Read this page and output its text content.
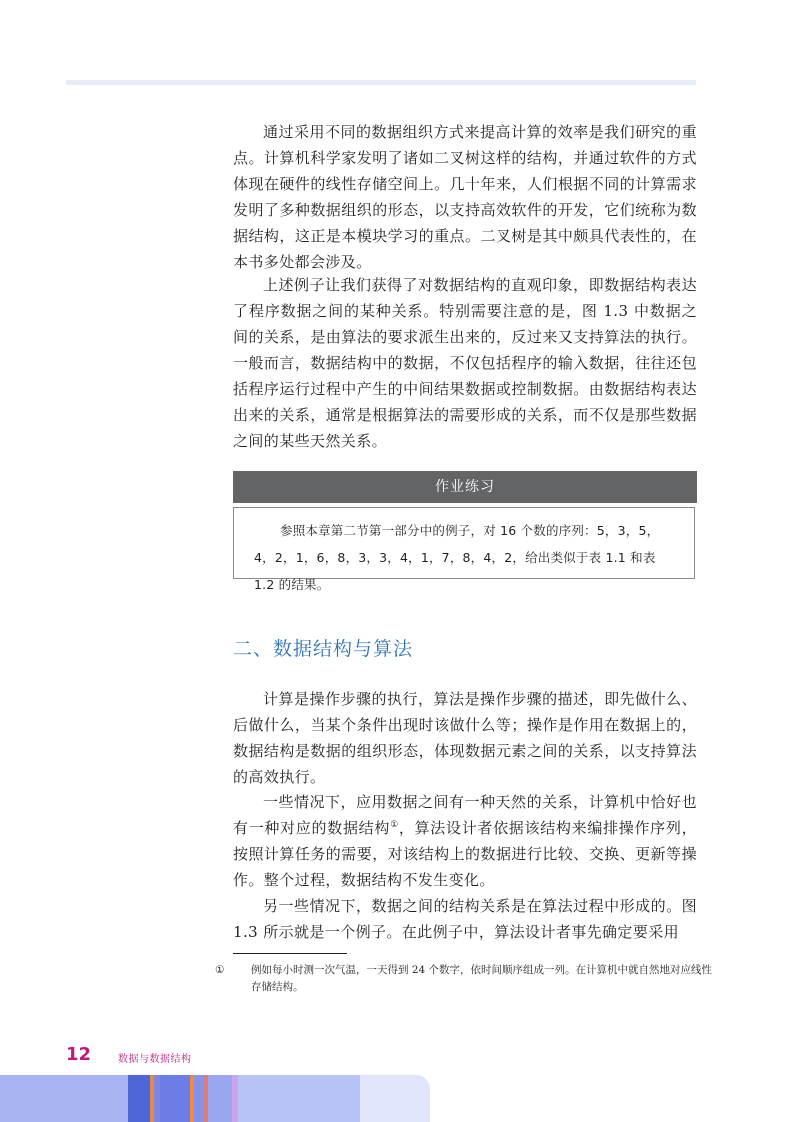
通过采用不同的数据组织方式来提高计算的效率是我们研究的重点。计算机科学家发明了诸如二叉树这样的结构，并通过软件的方式体现在硬件的线性存储空间上。几十年来，人们根据不同的计算需求发明了多种数据组织的形态，以支持高效软件的开发，它们统称为数据结构，这正是本模块学习的重点。二叉树是其中颇具代表性的，在本书多处都会涉及。

上述例子让我们获得了对数据结构的直观印象，即数据结构表达了程序数据之间的某种关系。特别需要注意的是，图 1.3 中数据之间的关系，是由算法的要求派生出来的，反过来又支持算法的执行。一般而言，数据结构中的数据，不仅包括程序的输入数据，往往还包括程序运行过程中产生的中间结果数据或控制数据。由数据结构表达出来的关系，通常是根据算法的需要形成的关系，而不仅是那些数据之间的某些天然关系。

作业练习

参照本章第二节第一部分中的例子，对 16 个数的序列：5，3，5，4，2，1，6，8，3，3，4，1，7，8，4，2，给出类似于表 1.1 和表 1.2 的结果。

二、数据结构与算法

计算是操作步骤的执行，算法是操作步骤的描述，即先做什么、后做什么，当某个条件出现时该做什么等；操作是作用在数据上的，数据结构是数据的组织形态，体现数据元素之间的关系，以支持算法的高效执行。

一些情况下，应用数据之间有一种天然的关系，计算机中恰好也有一种对应的数据结构①，算法设计者依据该结构来编排操作序列，按照计算任务的需要，对该结构上的数据进行比较、交换、更新等操作。整个过程，数据结构不发生变化。

另一些情况下，数据之间的结构关系是在算法过程中形成的。图 1.3 所示就是一个例子。在此例子中，算法设计者事先确定要采用

①	例如每小时测一次气温，一天得到 24 个数字，依时间顺序组成一列。在计算机中就自然地对应线性存储结构。

12	数据与数据结构
